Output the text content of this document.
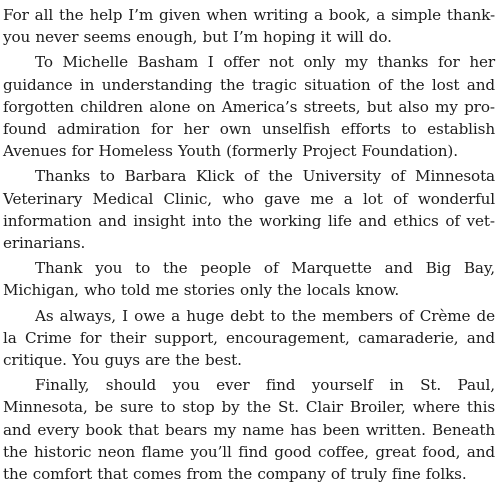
For all the help I’m given when writing a book, a simple thank-you never seems enough, but I’m hoping it will do.

To Michelle Basham I offer not only my thanks for her guidance in understanding the tragic situation of the lost and forgotten children alone on America’s streets, but also my profound admiration for her own unselfish efforts to establish Avenues for Homeless Youth (formerly Project Foundation).

Thanks to Barbara Klick of the University of Minnesota Veterinary Medical Clinic, who gave me a lot of wonderful information and insight into the working life and ethics of veterinarians.

Thank you to the people of Marquette and Big Bay, Michigan, who told me stories only the locals know.

As always, I owe a huge debt to the members of Crème de la Crime for their support, encouragement, camaraderie, and critique. You guys are the best.

Finally, should you ever find yourself in St. Paul, Minnesota, be sure to stop by the St. Clair Broiler, where this and every book that bears my name has been written. Beneath the historic neon flame you’ll find good coffee, great food, and the comfort that comes from the company of truly fine folks.
